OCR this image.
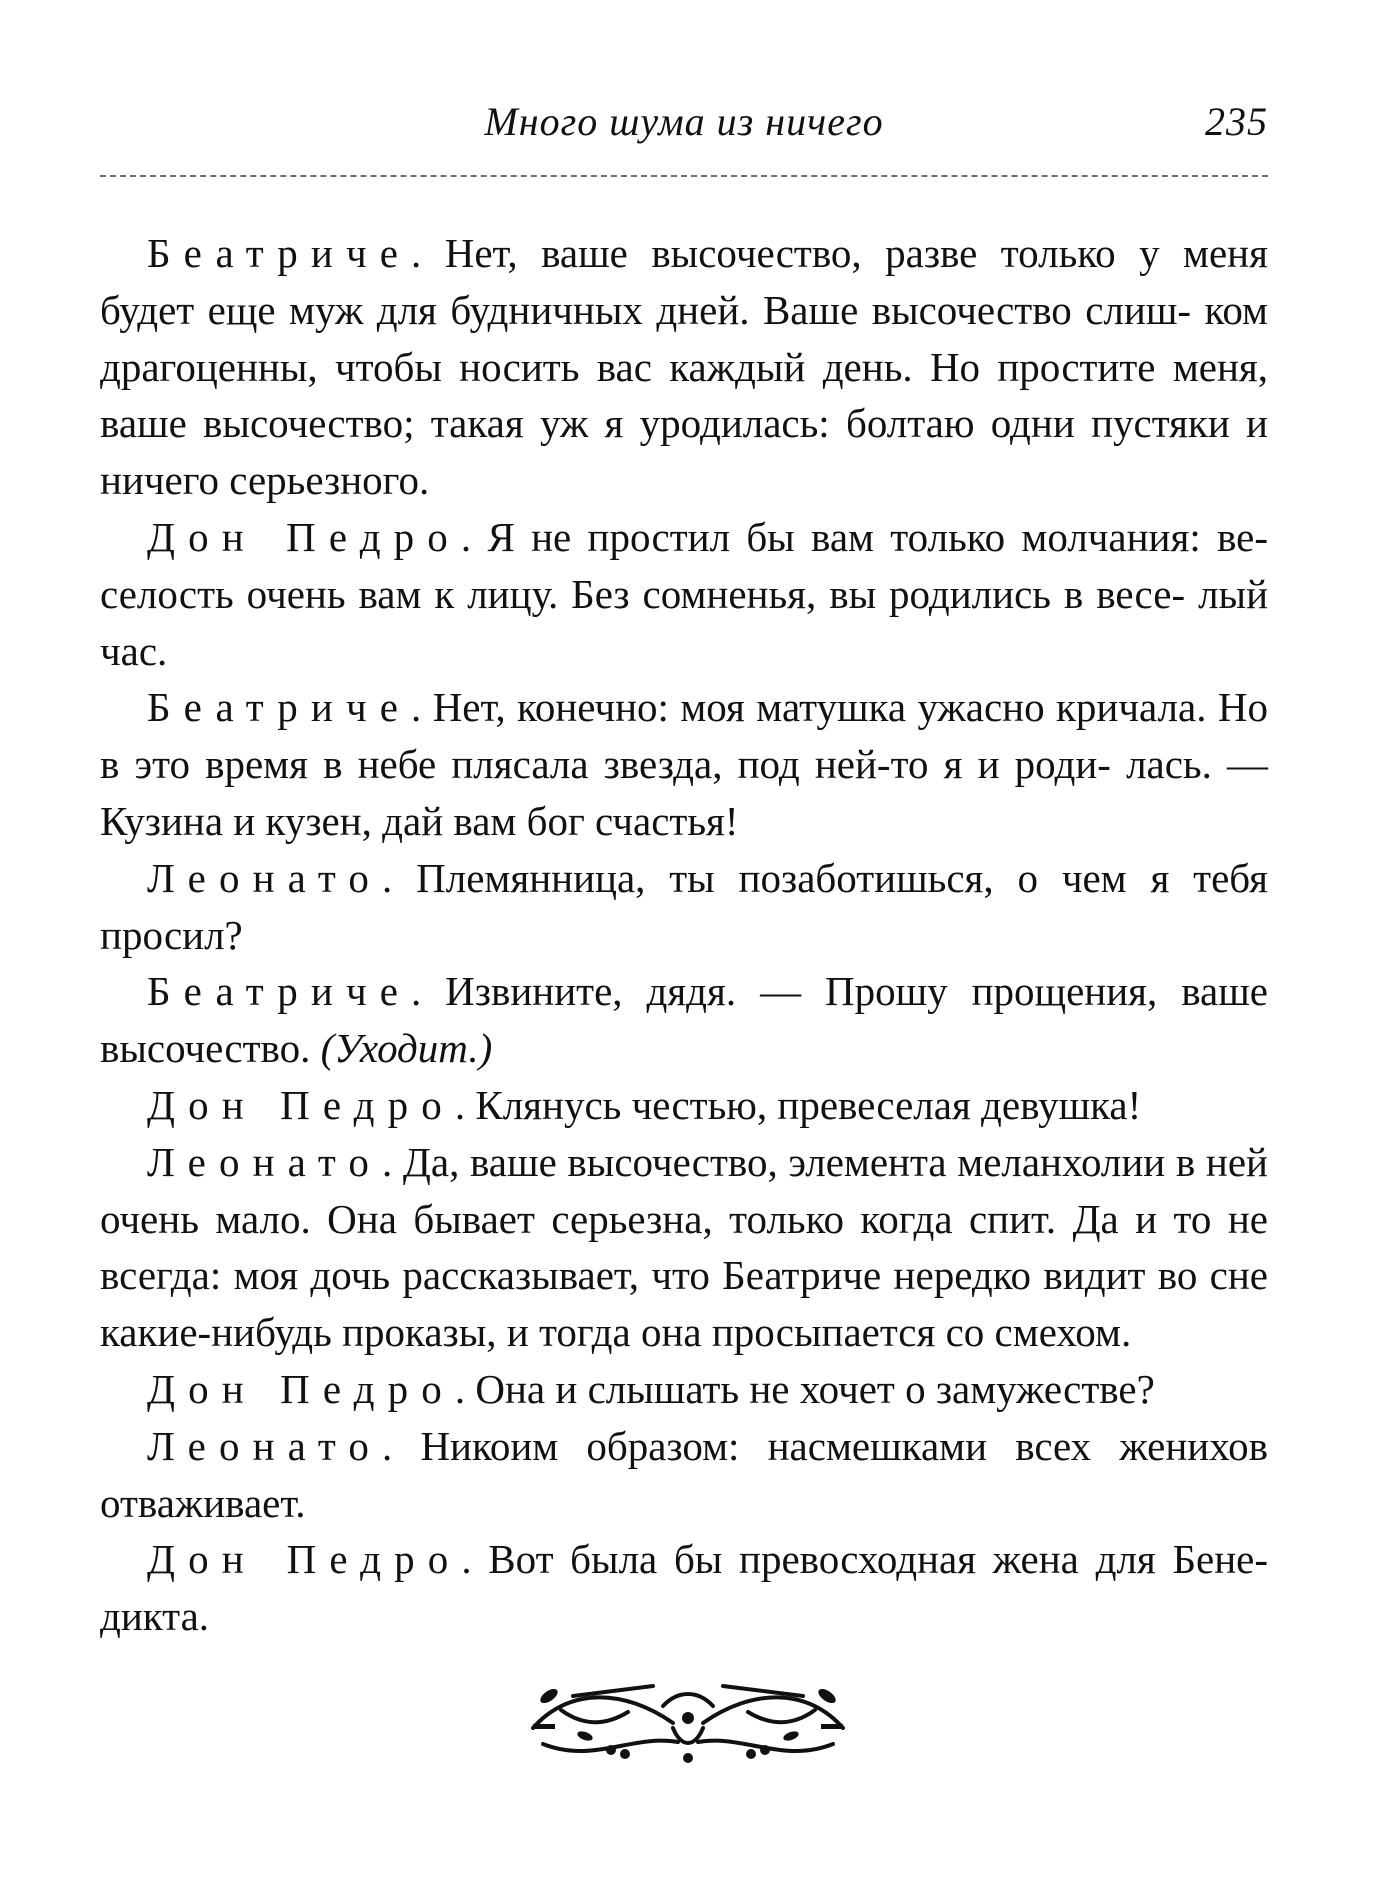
Много шума из ничего	235

Беатриче. Нет, ваше высочество, разве только у меня будет еще муж для будничных дней. Ваше высочество слиш- ком драгоценны, чтобы носить вас каждый день. Но простите меня, ваше высочество; такая уж я уродилась: болтаю одни пустяки и ничего серьезного.

Дон Педро. Я не простил бы вам только молчания: ве- селость очень вам к лицу. Без сомненья, вы родились в весе- лый час.

Беатриче. Нет, конечно: моя матушка ужасно кричала. Но в это время в небе плясала звезда, под ней-то я и роди- лась. — Кузина и кузен, дай вам бог счастья!

Леонато. Племянница, ты позаботишься, о чем я тебя просил?

Беатриче. Извините, дядя. — Прошу прощения, ваше высочество. (Уходит.)

Дон Педро. Клянусь честью, превеселая девушка!

Леонато. Да, ваше высочество, элемента меланхолии в ней очень мало. Она бывает серьезна, только когда спит. Да и то не всегда: моя дочь рассказывает, что Беатриче нередко видит во сне какие-нибудь проказы, и тогда она просыпается со смехом.

Дон Педро. Она и слышать не хочет о замужестве?

Леонато. Никоим образом: насмешками всех женихов отваживает.

Дон Педро. Вот была бы превосходная жена для Бене- дикта.
